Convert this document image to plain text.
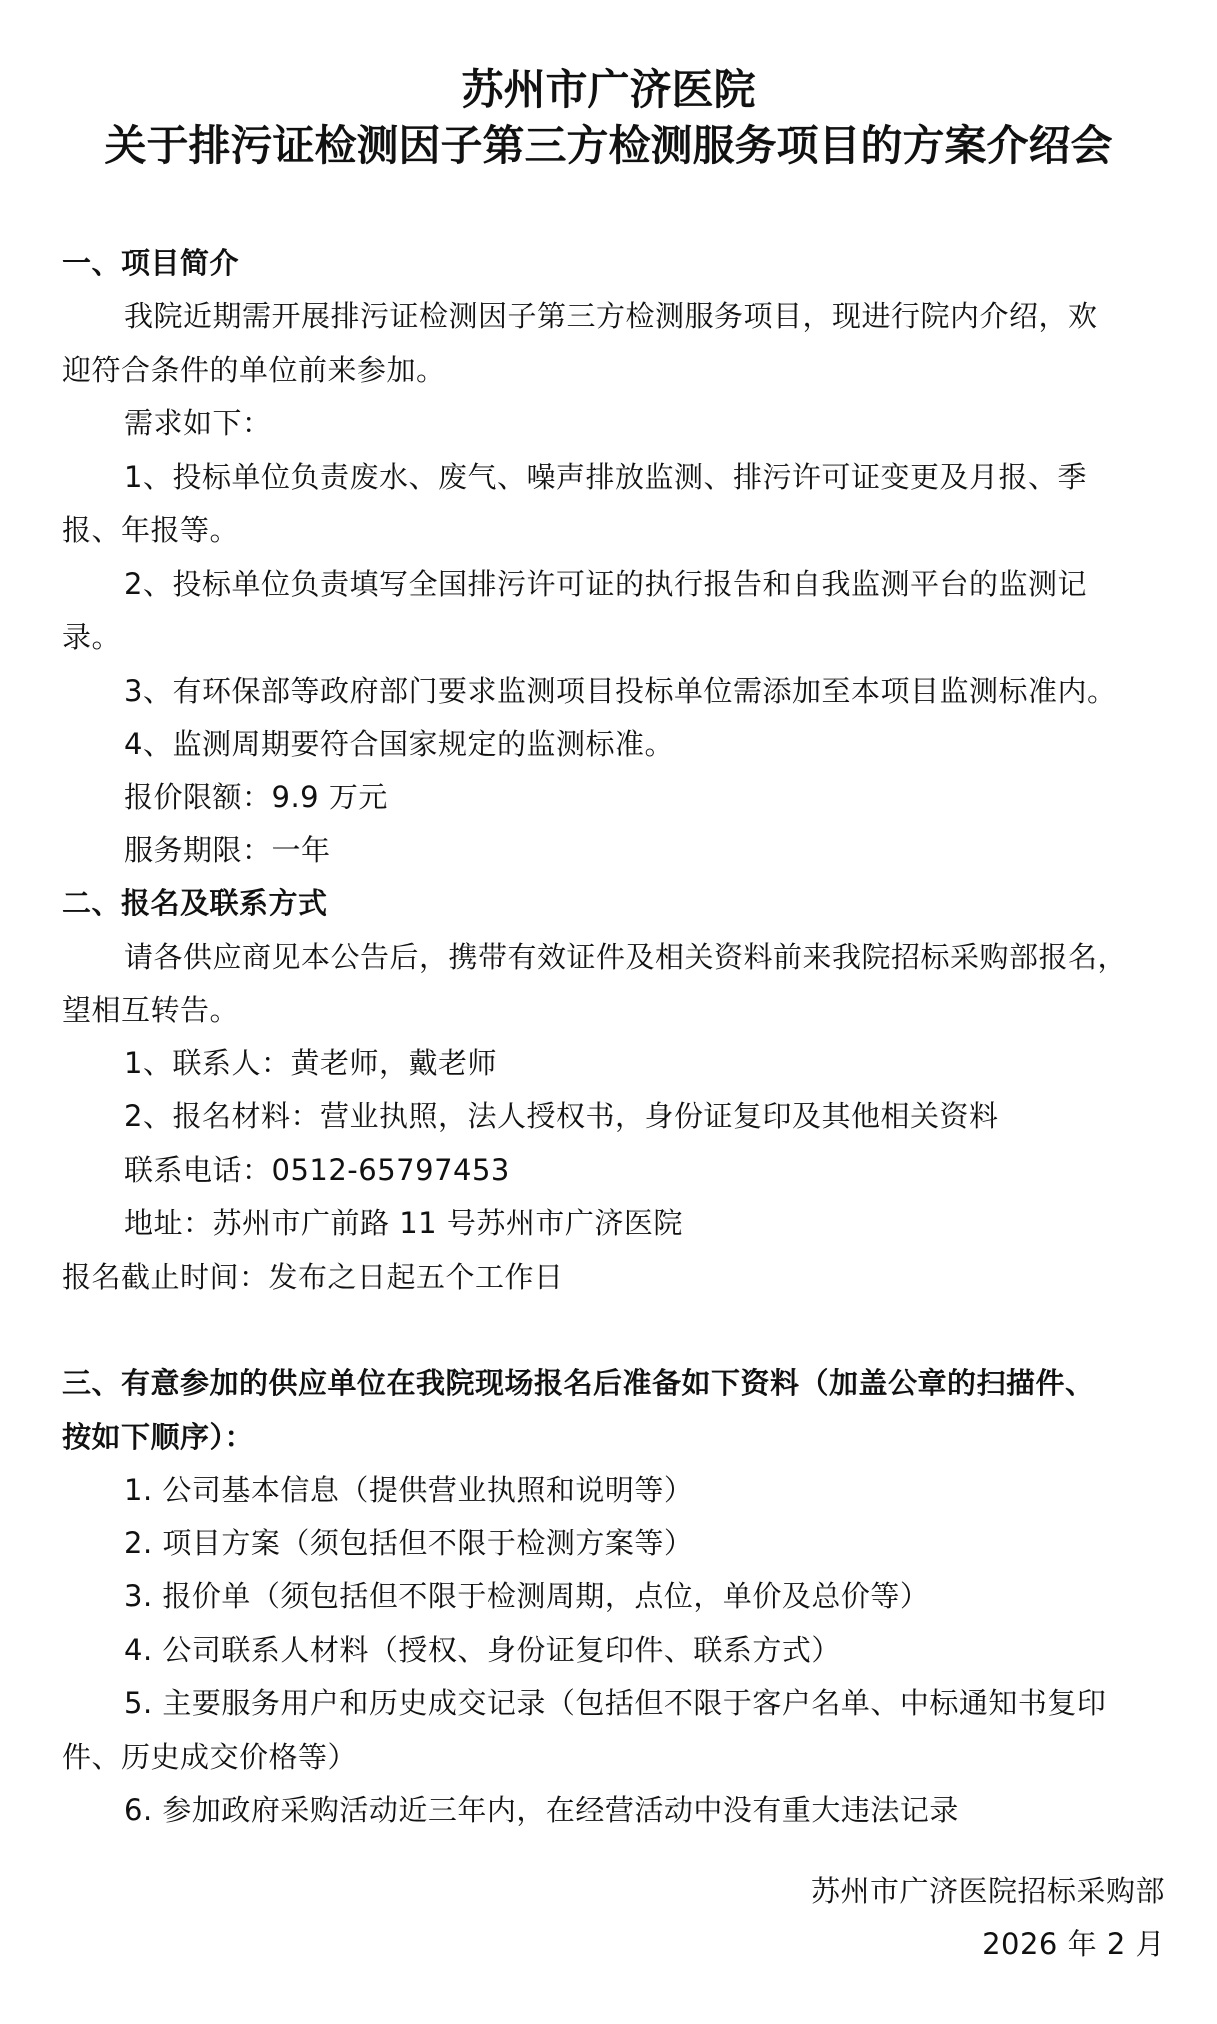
苏州市广济医院
关于排污证检测因子第三方检测服务项目的方案介绍会
一、项目简介
我院近期需开展排污证检测因子第三方检测服务项目，现进行院内介绍，欢
迎符合条件的单位前来参加。
需求如下：
1、投标单位负责废水、废气、噪声排放监测、排污许可证变更及月报、季
报、年报等。
2、投标单位负责填写全国排污许可证的执行报告和自我监测平台的监测记
录。
3、有环保部等政府部门要求监测项目投标单位需添加至本项目监测标准内。
4、监测周期要符合国家规定的监测标准。
报价限额：9.9 万元
服务期限：一年
二、报名及联系方式
请各供应商见本公告后，携带有效证件及相关资料前来我院招标采购部报名，
望相互转告。
1、联系人：黄老师，戴老师
2、报名材料：营业执照，法人授权书，身份证复印及其他相关资料
联系电话：0512-65797453
地址：苏州市广前路 11 号苏州市广济医院
报名截止时间：发布之日起五个工作日
三、有意参加的供应单位在我院现场报名后准备如下资料（加盖公章的扫描件、
按如下顺序）：
1. 公司基本信息（提供营业执照和说明等）
2. 项目方案（须包括但不限于检测方案等）
3. 报价单（须包括但不限于检测周期，点位，单价及总价等）
4. 公司联系人材料（授权、身份证复印件、联系方式）
5. 主要服务用户和历史成交记录（包括但不限于客户名单、中标通知书复印
件、历史成交价格等）
6. 参加政府采购活动近三年内，在经营活动中没有重大违法记录
苏州市广济医院招标采购部
2026 年 2 月
